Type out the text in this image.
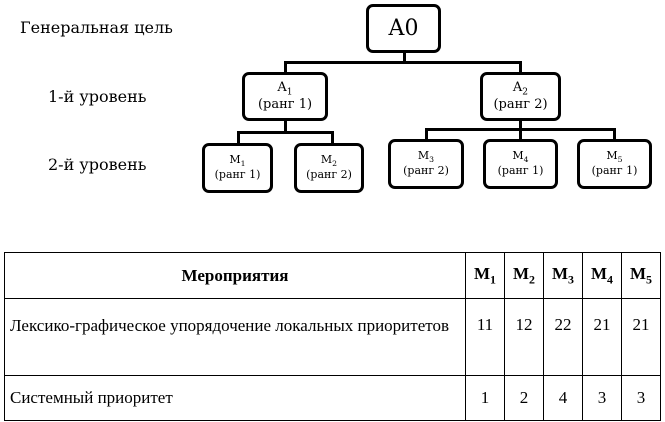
Генеральная цель
1-й уровень
2-й уровень
A0
$A_1$
(ранг 1)
$A_2$
(ранг 2)
$M_1$
(ранг 1)
$M_2$
(ранг 2)
$M_3$
(ранг 2)
$M_4$
(ранг 1)
$M_5$
(ранг 1)
Мероприятия	$М_1$	$М_2$	$М_3$	$М_4$	$М_5$
Лексико-графическое упорядочение локальных приоритетов	11	12	22	21	21
Системный приоритет	1	2	4	3	3
